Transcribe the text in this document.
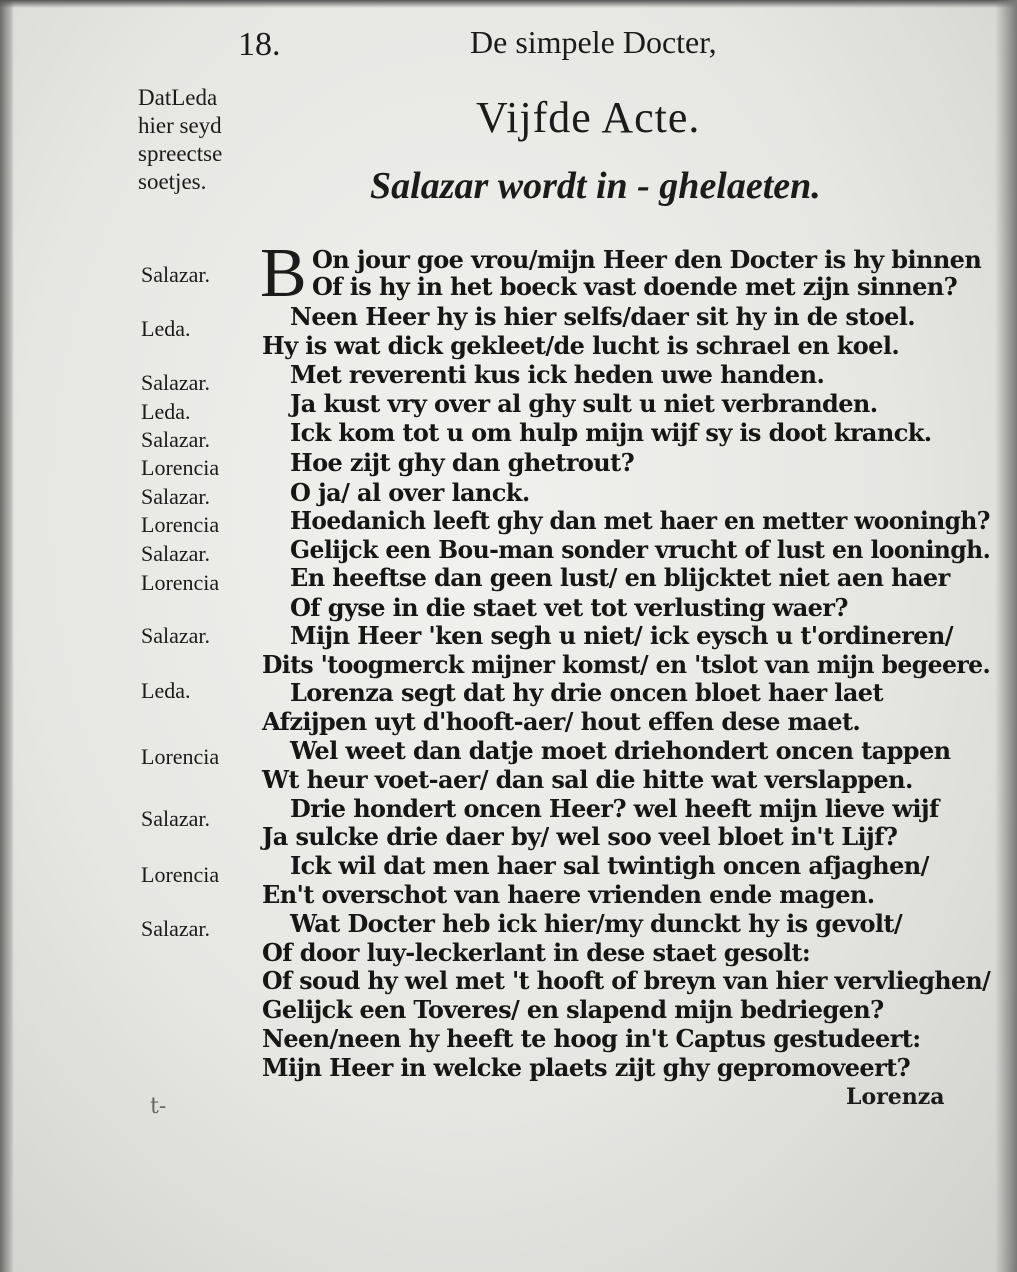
18.	De simpele Docter,
DatLeda
hier seyd
spreectse
soetjes.
Vijfde Acte.
Salazar wordt in - ghelaeten.
Salazar.
Leda.
Salazar.
Leda.
Salazar.
Lorencia
Salazar.
Lorencia
Salazar.
Lorencia
Salazar.
Leda.
Lorencia
Salazar.
Lorencia
Salazar.
B On jour goe vrou/mijn Heer den Docter is hy binnen
Of is hy in het boeck vast doende met zijn sinnen?
Neen Heer hy is hier selfs/daer sit hy in de stoel.
Hy is wat dick gekleet/de lucht is schrael en koel.
Met reverenti kus ick heden uwe handen.
Ja kust vry over al ghy sult u niet verbranden.
Ick kom tot u om hulp mijn wijf sy is doot kranck.
Hoe zijt ghy dan ghetrout?
O ja/ al over lanck.
Hoedanich leeft ghy dan met haer en metter wooningh?
Gelijck een Bou-man sonder vrucht of lust en looningh.
En heeftse dan geen lust/ en blijcktet niet aen haer
Of gyse in die staet vet tot verlusting waer?
Mijn Heer 'ken segh u niet/ ick eysch u t'ordineren/
Dits 'toogmerck mijner komst/ en 'tslot van mijn begeere.
Lorenza segt dat hy drie oncen bloet haer laet
Afzijpen uyt d'hooft-aer/ hout effen dese maet.
Wel weet dan datje moet driehondert oncen tappen
Wt heur voet-aer/ dan sal die hitte wat verslappen.
Drie hondert oncen Heer? wel heeft mijn lieve wijf
Ja sulcke drie daer by/ wel soo veel bloet in't Lijf?
Ick wil dat men haer sal twintigh oncen afjaghen/
En't overschot van haere vrienden ende magen.
Wat Docter heb ick hier/my dunckt hy is gevolt/
Of door luy-leckerlant in dese staet gesolt:
Of soud hy wel met 't hooft of breyn van hier vervlieghen/
Gelijck een Toveres/ en slapend mijn bedriegen?
Neen/neen hy heeft te hoog in't Captus gestudeert:
Mijn Heer in welcke plaets zijt ghy gepromoveert?
Lorenza
t-
